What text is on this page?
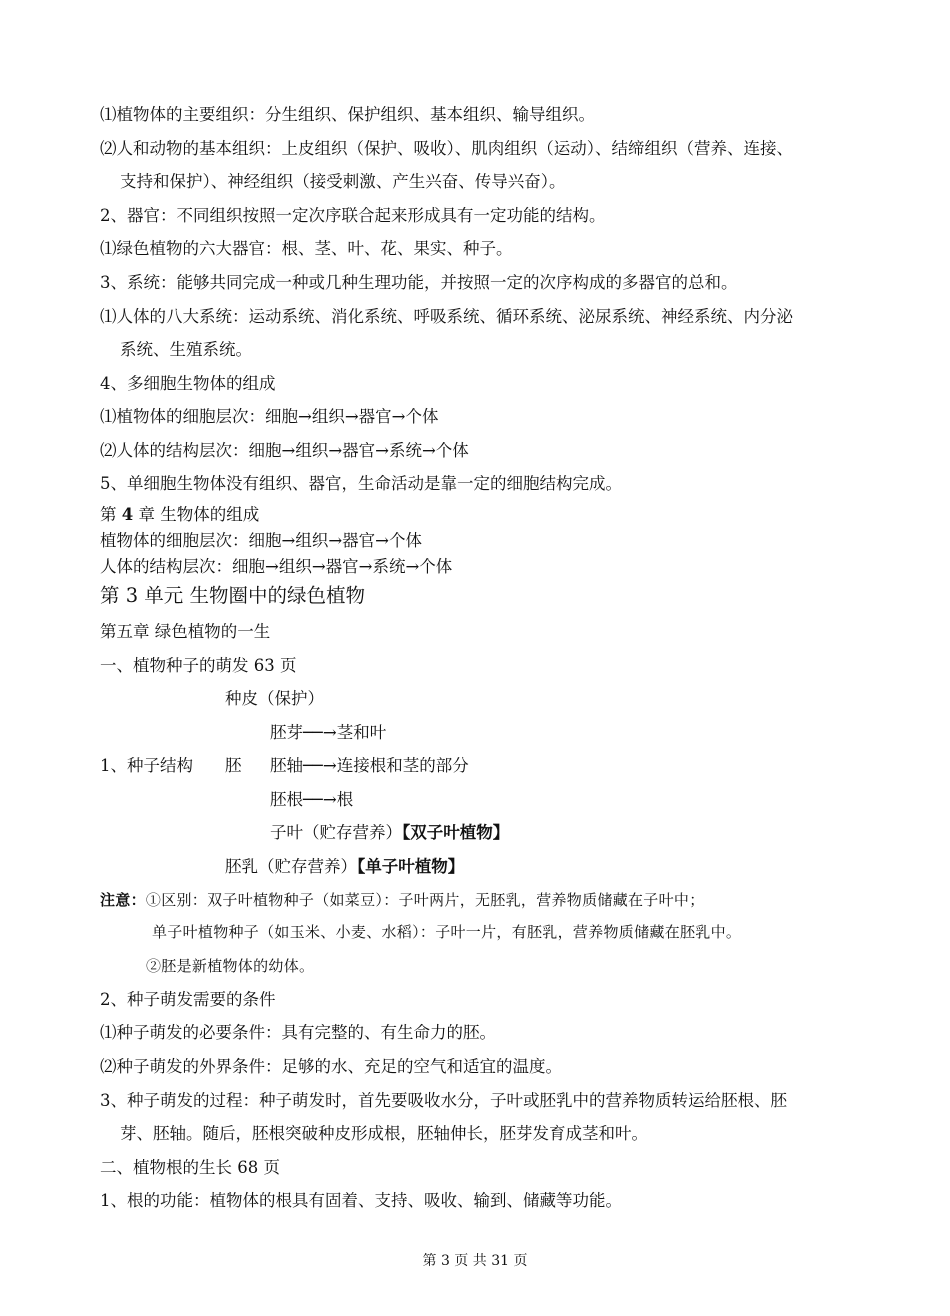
⑴植物体的主要组织：分生组织、保护组织、基本组织、输导组织。
⑵人和动物的基本组织：上皮组织（保护、吸收）、肌肉组织（运动）、结缔组织（营养、连接、
支持和保护）、神经组织（接受刺激、产生兴奋、传导兴奋）。
2、器官：不同组织按照一定次序联合起来形成具有一定功能的结构。
⑴绿色植物的六大器官：根、茎、叶、花、果实、种子。
3、系统：能够共同完成一种或几种生理功能，并按照一定的次序构成的多器官的总和。
⑴人体的八大系统：运动系统、消化系统、呼吸系统、循环系统、泌尿系统、神经系统、内分泌
系统、生殖系统。
4、多细胞生物体的组成
⑴植物体的细胞层次：细胞→组织→器官→个体
⑵人体的结构层次：细胞→组织→器官→系统→个体
5、单细胞生物体没有组织、器官，生命活动是靠一定的细胞结构完成。
第 4 章 生物体的组成
植物体的细胞层次：细胞→组织→器官→个体
人体的结构层次：细胞→组织→器官→系统→个体
第 3 单元 生物圈中的绿色植物
第五章 绿色植物的一生
一、植物种子的萌发 63 页
种皮（保护）
胚芽──→茎和叶
1、种子结构 胚 胚轴──→连接根和茎的部分
胚根──→根
子叶（贮存营养）【双子叶植物】
胚乳（贮存营养）【单子叶植物】
注意：①区别：双子叶植物种子（如菜豆）：子叶两片，无胚乳，营养物质储藏在子叶中；
单子叶植物种子（如玉米、小麦、水稻）：子叶一片，有胚乳，营养物质储藏在胚乳中。
②胚是新植物体的幼体。
2、种子萌发需要的条件
⑴种子萌发的必要条件：具有完整的、有生命力的胚。
⑵种子萌发的外界条件：足够的水、充足的空气和适宜的温度。
3、种子萌发的过程：种子萌发时，首先要吸收水分，子叶或胚乳中的营养物质转运给胚根、胚
芽、胚轴。随后，胚根突破种皮形成根，胚轴伸长，胚芽发育成茎和叶。
二、植物根的生长 68 页
1、根的功能：植物体的根具有固着、支持、吸收、输到、储藏等功能。
第 3 页 共 31 页
